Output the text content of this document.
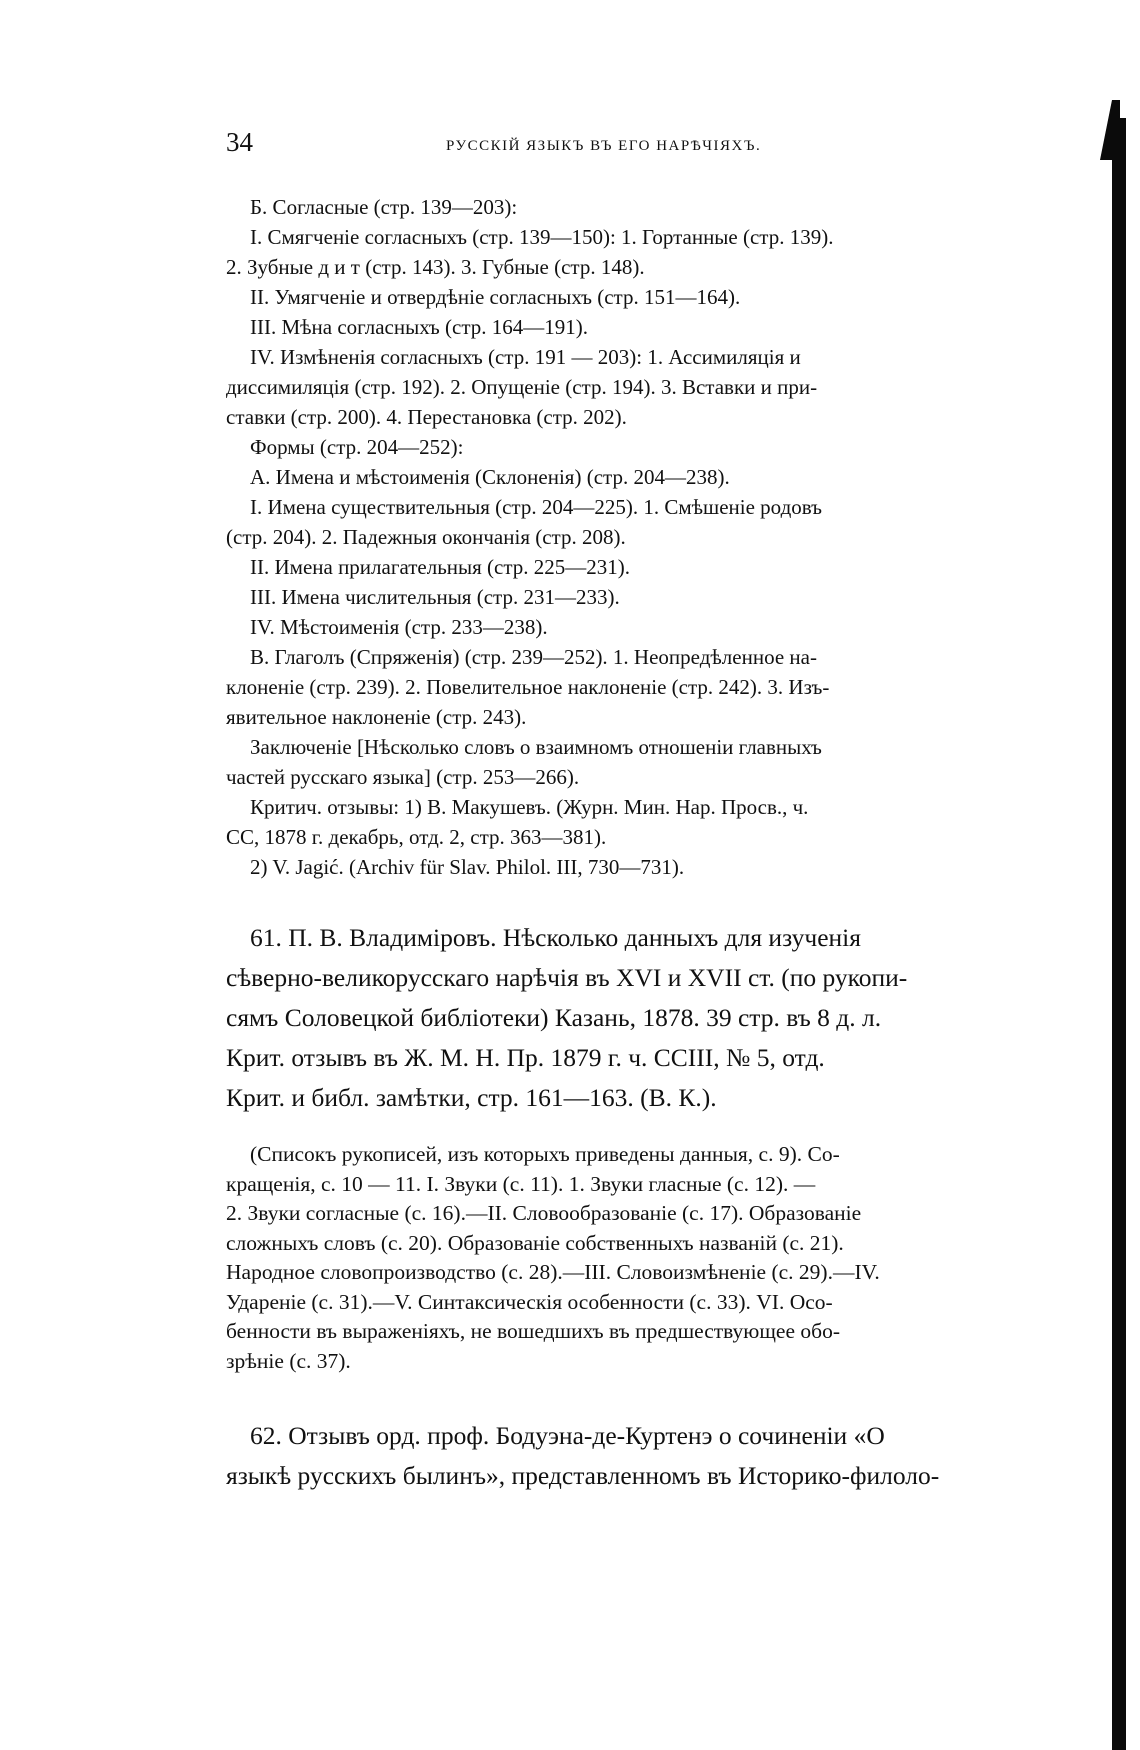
34	РУССКІЙ ЯЗЫКЪ ВЪ ЕГО НАРѢЧІЯХЪ.
Б. Согласные (стр. 139—203):
I. Смягченіе согласныхъ (стр. 139—150): 1. Гортанные (стр. 139).
2. Зубные д и т (стр. 143). 3. Губные (стр. 148).
II. Умягченіе и отвердѣніе согласныхъ (стр. 151—164).
III. Мѣна согласныхъ (стр. 164—191).
IV. Измѣненія согласныхъ (стр. 191 — 203): 1. Ассимиляція и
диссимиляція (стр. 192). 2. Опущеніе (стр. 194). 3. Вставки и при-
ставки (стр. 200). 4. Перестановка (стр. 202).
Формы (стр. 204—252):
А. Имена и мѣстоименія (Склоненія) (стр. 204—238).
I. Имена существительныя (стр. 204—225). 1. Смѣшеніе родовъ
(стр. 204). 2. Падежныя окончанія (стр. 208).
II. Имена прилагательныя (стр. 225—231).
III. Имена числительныя (стр. 231—233).
IV. Мѣстоименія (стр. 233—238).
В. Глаголъ (Спряженія) (стр. 239—252). 1. Неопредѣленное на-
клоненіе (стр. 239). 2. Повелительное наклоненіе (стр. 242). 3. Изъ-
явительное наклоненіе (стр. 243).
Заключеніе [Нѣсколько словъ о взаимномъ отношеніи главныхъ
частей русскаго языка] (стр. 253—266).
Критич. отзывы: 1) В. Макушевъ. (Журн. Мин. Нар. Просв., ч.
СС, 1878 г. декабрь, отд. 2, стр. 363—381).
2) V. Jagić. (Archiv für Slav. Philol. III, 730—731).
61. П. В. Владиміровъ. Нѣсколько данныхъ для изученія
сѣверно-великорусскаго нарѣчія въ XVI и XVII ст. (по рукопи-
сямъ Соловецкой библіотеки) Казань, 1878. 39 стр. въ 8 д. л.
Крит. отзывъ въ Ж. М. Н. Пр. 1879 г. ч. CCIII, № 5, отд.
Крит. и библ. замѣтки, стр. 161—163. (В. К.).
(Списокъ рукописей, изъ которыхъ приведены данныя, с. 9). Со-
кращенія, с. 10 — 11. I. Звуки (с. 11). 1. Звуки гласные (с. 12). —
2. Звуки согласные (с. 16).—II. Словообразованіе (с. 17). Образованіе
сложныхъ словъ (с. 20). Образованіе собственныхъ названій (с. 21).
Народное словопроизводство (с. 28).—III. Словоизмѣненіе (с. 29).—IV.
Удареніе (с. 31).—V. Синтаксическія особенности (с. 33). VI. Осо-
бенности въ выраженіяхъ, не вошедшихъ въ предшествующее обо-
зрѣніе (с. 37).
62. Отзывъ орд. проф. Бодуэна-де-Куртенэ о сочиненіи «О
языкѣ русскихъ былинъ», представленномъ въ Историко-филоло-
